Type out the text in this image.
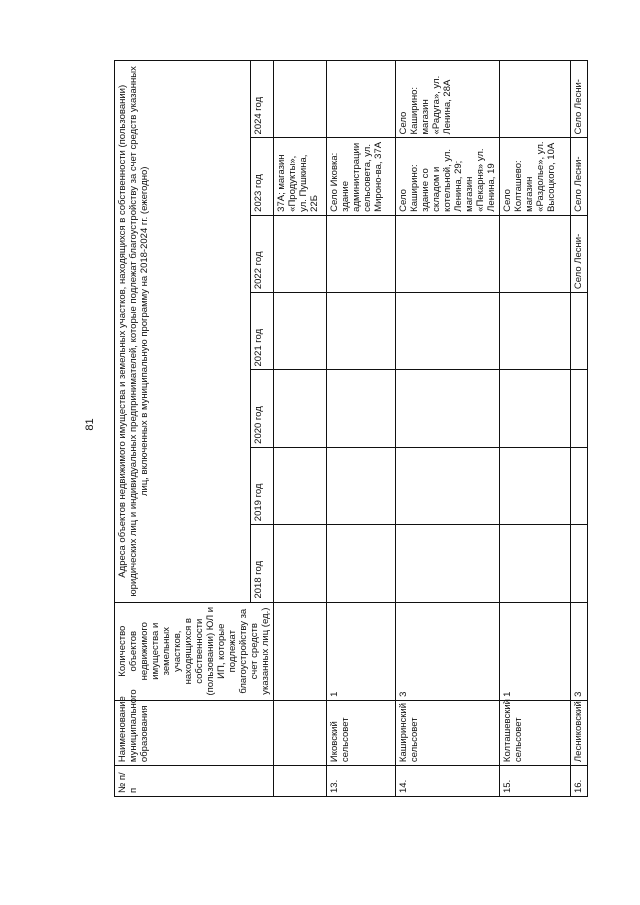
81
№ п/п	Наименование муниципального образования	Количество объектов недвижимого имущества и земельных участков, находящихся в собственности (пользовании) ЮЛ и ИП, которые подлежат благоустройству за счет средств указанных лиц (ед.)	Адреса объектов недвижимого имущества и земельных участков, находящихся в собственности (пользовании) юридических лиц и индивидуальных предпринимателей, которые подлежат благоустройству за счет средств указанных лиц, включенных в муниципальную программу на 2018-2024 гг. (ежегодно)						
			2018 год	2019 год	2020 год	2021 год	2022 год	2023 год	2024 год
								37А; магазин «Продукты», ул. Пушкина, 22Б	
13.	Иковский сельсовет	1						Село Иковка: здание администрации сельсовета, ул. Мироно-ва, 37А	
14.	Каширинский сельсовет	3						Село Каширино: здание со складом и котельной, ул. Ленина, 29; магазин «Пекарня» ул. Ленина, 19	Село Каширино: магазин «Радуга», ул. Ленина, 28А
15.	Колташевский сельсовет	1						Село Колташево: магазин «Раздолье», ул. Высоцкого, 10А	
16.	Лесниковский	3					Село Лесни-	Село Лесни-	Село Лесни-
